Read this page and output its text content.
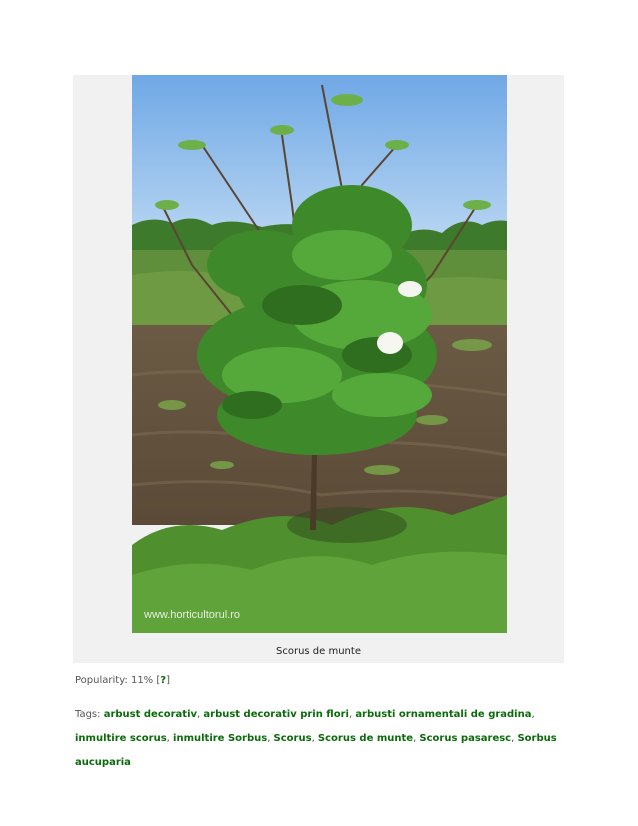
www.horticultorul.ro
Scorus de munte
Popularity: 11% [?]
Tags: arbust decorativ, arbust decorativ prin flori, arbusti ornamentali de gradina, inmultire scorus, inmultire Sorbus, Scorus, Scorus de munte, Scorus pasaresc, Sorbus aucuparia
